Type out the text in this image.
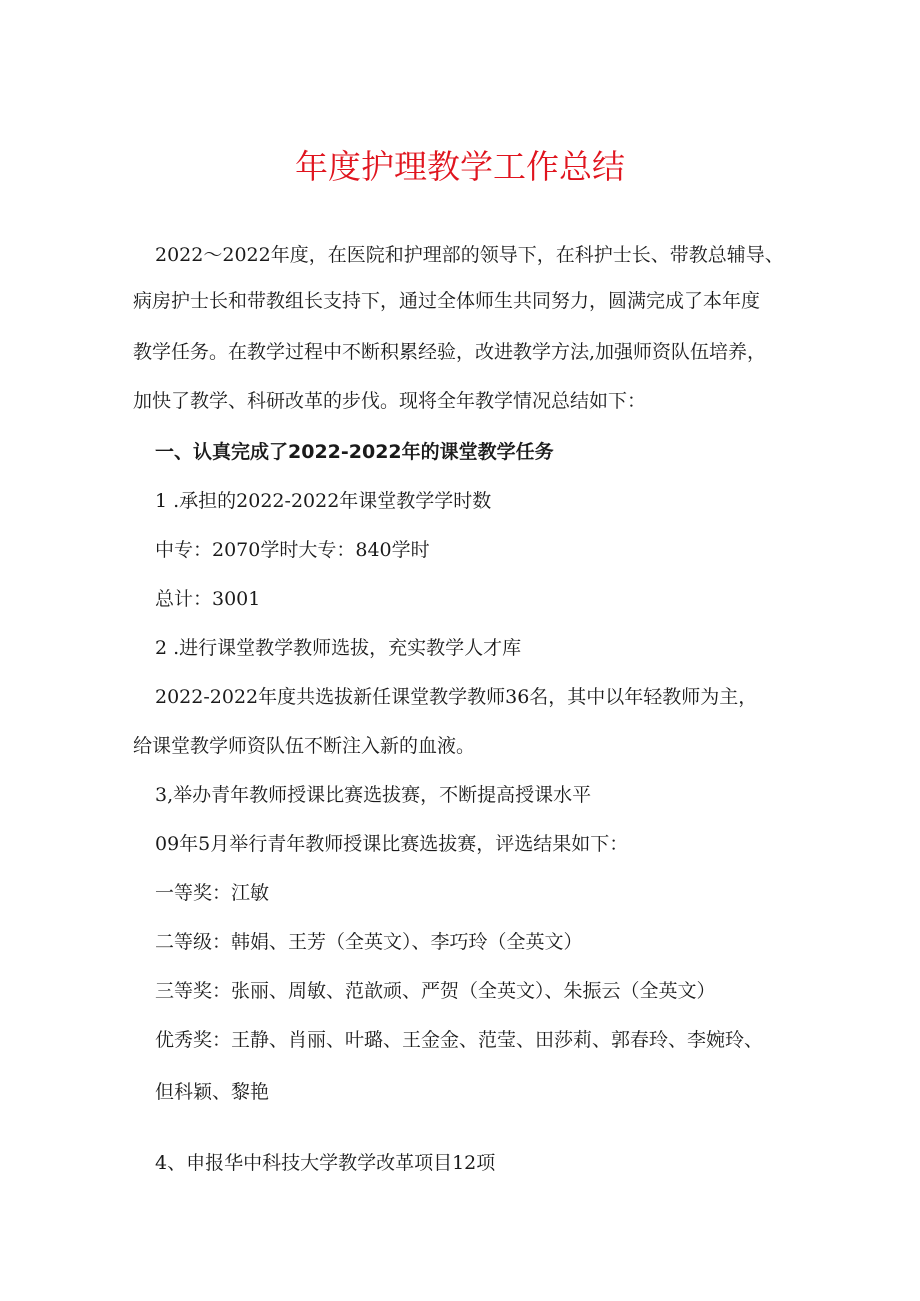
年度护理教学工作总结
2022～2022年度，在医院和护理部的领导下，在科护士长、带教总辅导、
病房护士长和带教组长支持下，通过全体师生共同努力，圆满完成了本年度
教学任务。在教学过程中不断积累经验，改进教学方法,加强师资队伍培养，
加快了教学、科研改革的步伐。现将全年教学情况总结如下：
一、认真完成了2022-2022年的课堂教学任务
1 .承担的2022-2022年课堂教学学时数
中专：2070学时大专：840学时
总计：3001
2 .进行课堂教学教师选拔，充实教学人才库
2022-2022年度共选拔新任课堂教学教师36名，其中以年轻教师为主，
给课堂教学师资队伍不断注入新的血液。
3,举办青年教师授课比赛选拔赛，不断提高授课水平
09年5月举行青年教师授课比赛选拔赛，评选结果如下：
一等奖：江敏
二等级：韩娟、王芳（全英文）、李巧玲（全英文）
三等奖：张丽、周敏、范歆顽、严贺（全英文）、朱振云（全英文）
优秀奖：王静、肖丽、叶璐、王金金、范莹、田莎莉、郭春玲、李婉玲、
但科颖、黎艳
4、申报华中科技大学教学改革项目12项
